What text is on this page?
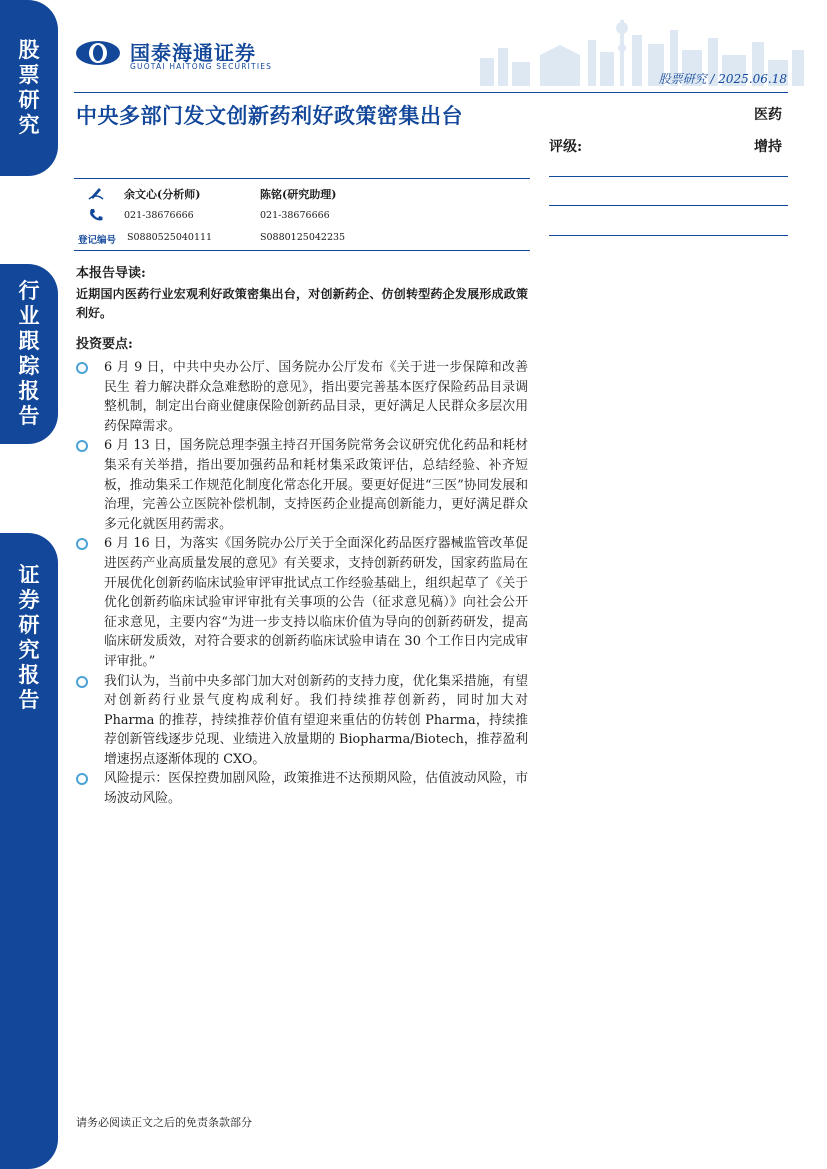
股
票
研
究
行
业
跟
踪
报
告
证
券
研
究
报
告
国泰海通证券
GUOTAI HAITONG SECURITIES
股票研究 / 2025.06.18
中央多部门发文创新药利好政策密集出台	医药
评级:	增持
余文心(分析师)
021-38676666
S0880525040111
陈铭(研究助理)
021-38676666
S0880125042235
登记编号
本报告导读:
近期国内医药行业宏观利好政策密集出台，对创新药企、仿创转型药企发展形成政策利好。
投资要点:
6 月 9 日，中共中央办公厅、国务院办公厅发布《关于进一步保障和改善民生 着力解决群众急难愁盼的意见》，指出要完善基本医疗保险药品目录调整机制，制定出台商业健康保险创新药品目录，更好满足人民群众多层次用药保障需求。
6 月 13 日，国务院总理李强主持召开国务院常务会议研究优化药品和耗材集采有关举措，指出要加强药品和耗材集采政策评估，总结经验、补齐短板，推动集采工作规范化制度化常态化开展。要更好促进“三医”协同发展和治理，完善公立医院补偿机制，支持医药企业提高创新能力，更好满足群众多元化就医用药需求。
6 月 16 日，为落实《国务院办公厅关于全面深化药品医疗器械监管改革促进医药产业高质量发展的意见》有关要求，支持创新药研发，国家药监局在开展优化创新药临床试验审评审批试点工作经验基础上，组织起草了《关于优化创新药临床试验审评审批有关事项的公告（征求意见稿）》向社会公开征求意见，主要内容“为进一步支持以临床价值为导向的创新药研发，提高临床研发质效，对符合要求的创新药临床试验申请在 30 个工作日内完成审评审批。”
我们认为，当前中央多部门加大对创新药的支持力度，优化集采措施，有望对创新药行业景气度构成利好。我们持续推荐创新药，同时加大对 Pharma 的推荐，持续推荐价值有望迎来重估的仿转创 Pharma，持续推荐创新管线逐步兑现、业绩进入放量期的 Biopharma/Biotech，推荐盈利增速拐点逐渐体现的 CXO。
风险提示：医保控费加剧风险，政策推进不达预期风险，估值波动风险，市场波动风险。
请务必阅读正文之后的免责条款部分
